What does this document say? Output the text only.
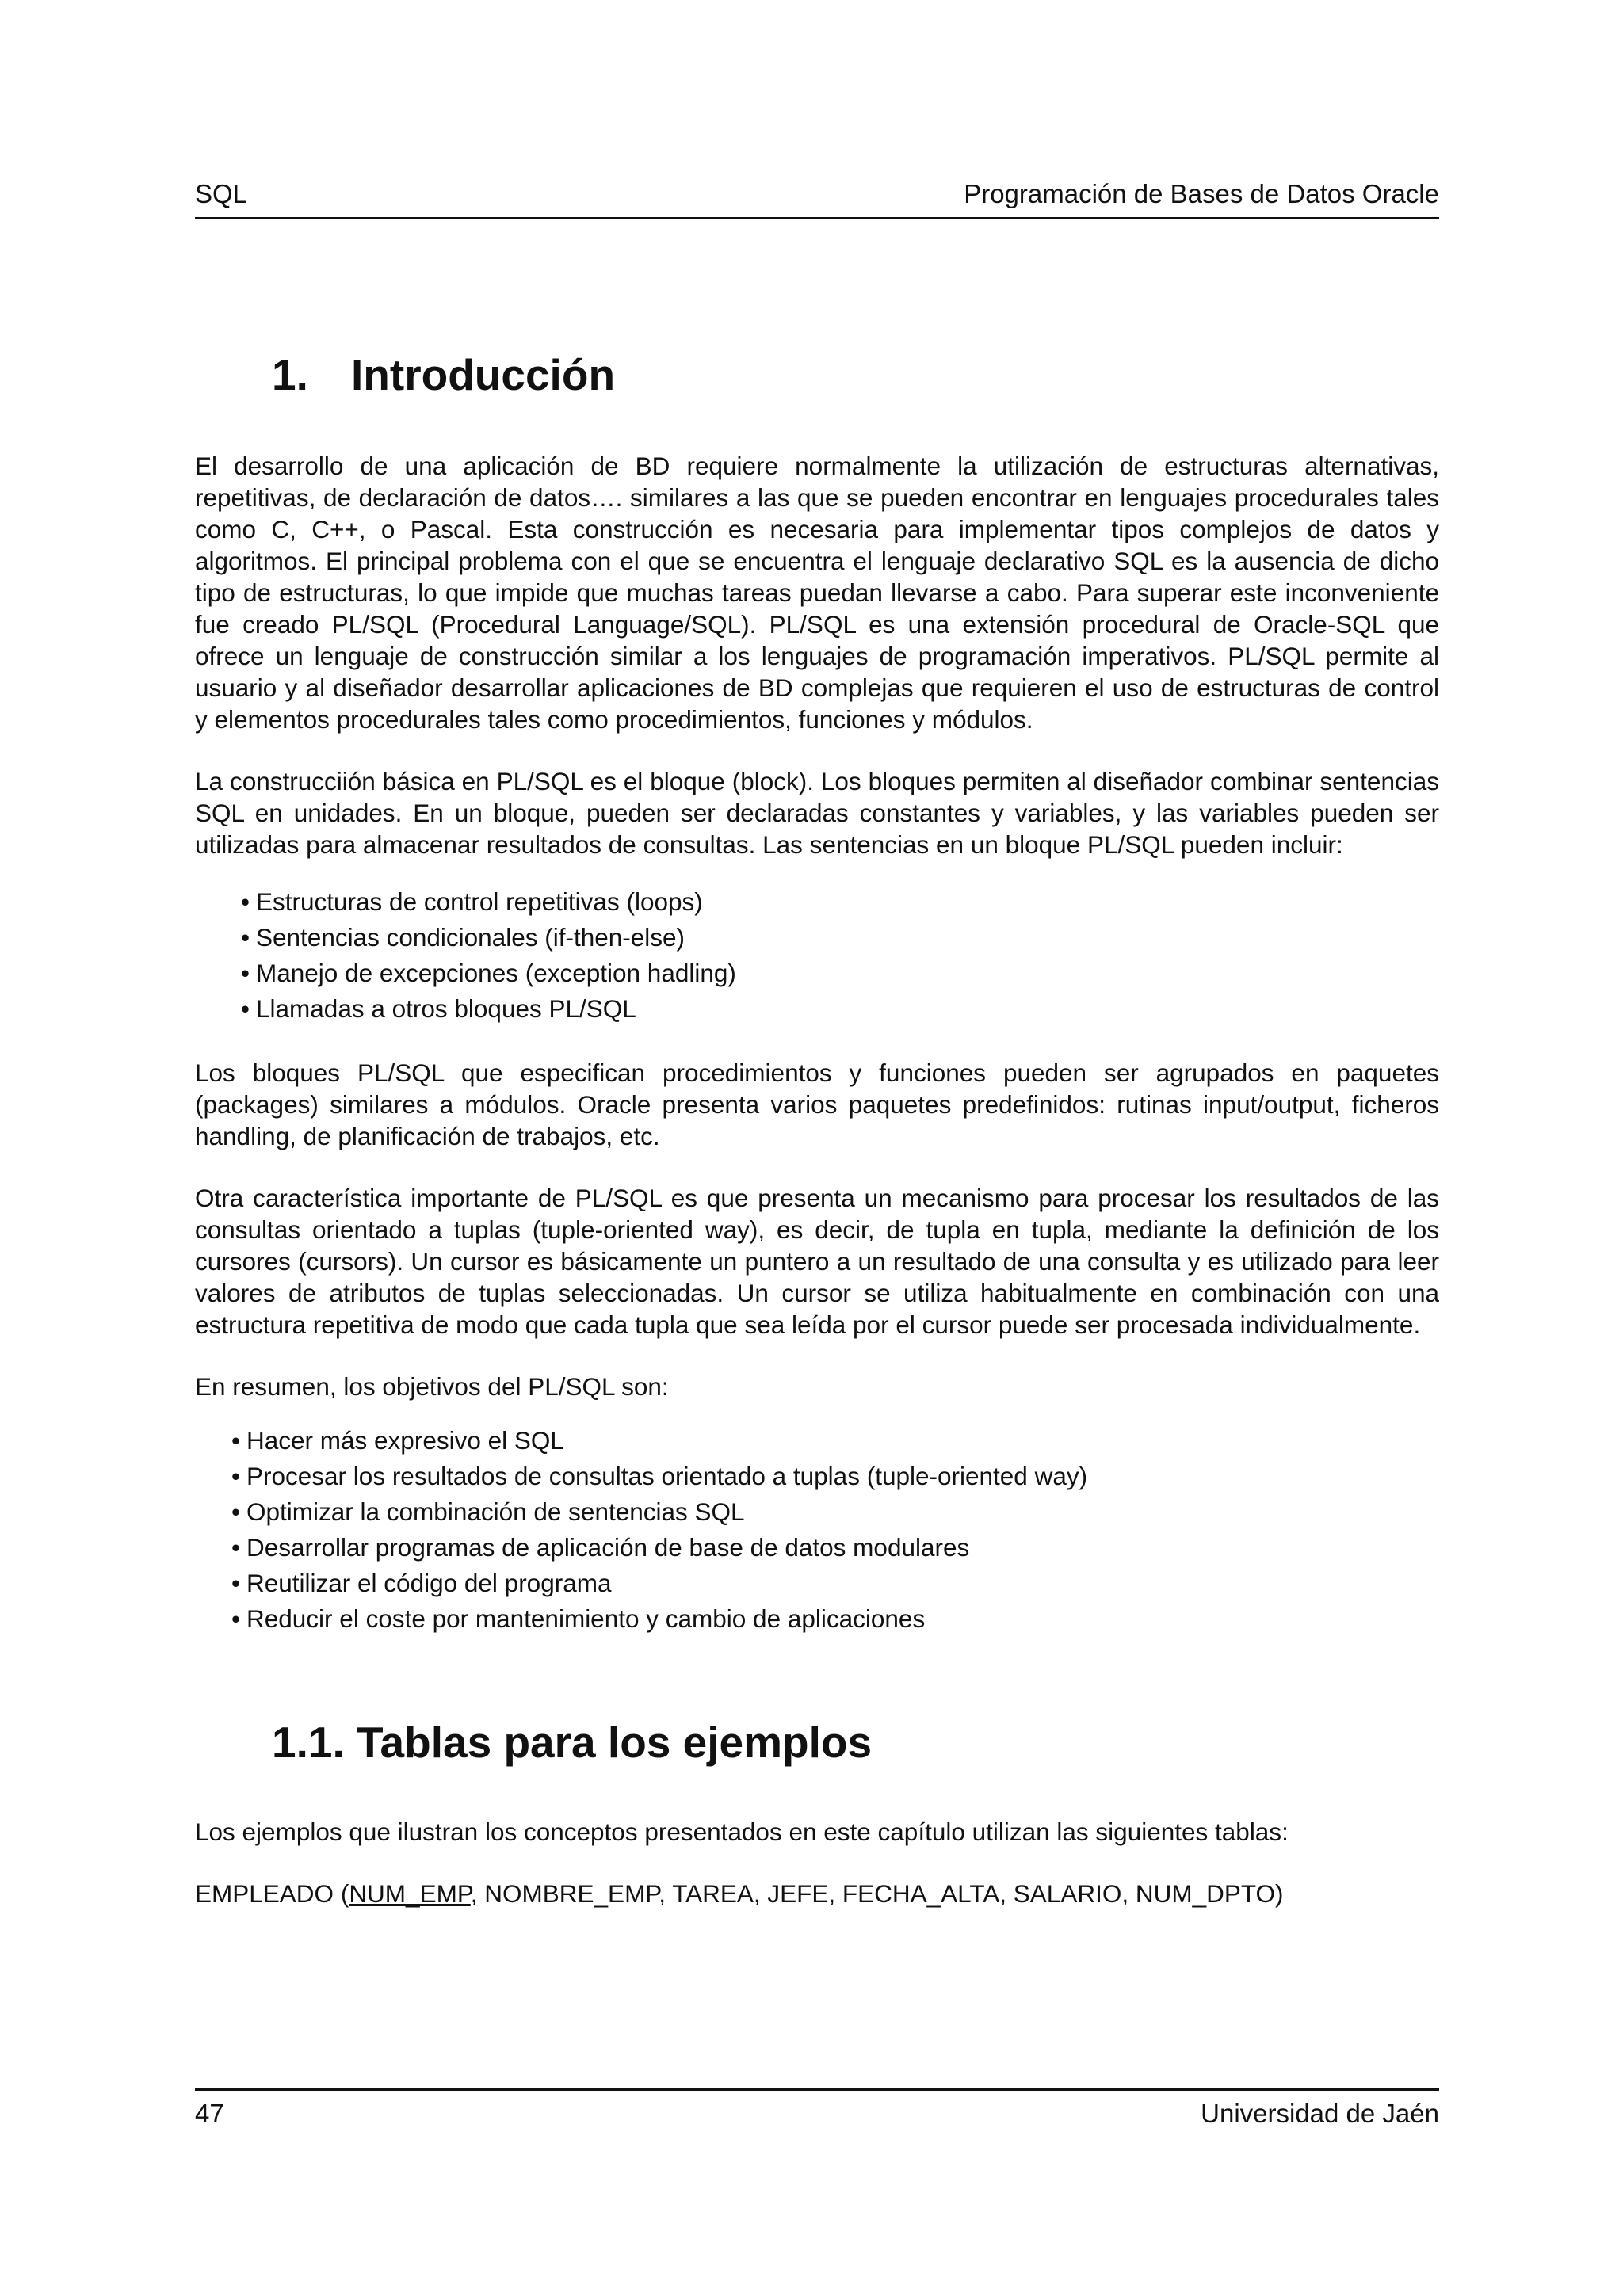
SQL	Programación de Bases de Datos Oracle
1. Introducción

El desarrollo de una aplicación de BD requiere normalmente la utilización de estructuras alternativas, repetitivas, de declaración de datos…. similares a las que se pueden encontrar en lenguajes procedurales tales como C, C++, o Pascal. Esta construcción es necesaria para implementar tipos complejos de datos y algoritmos. El principal problema con el que se encuentra el lenguaje declarativo SQL es la ausencia de dicho tipo de estructuras, lo que impide que muchas tareas puedan llevarse a cabo. Para superar este inconveniente fue creado PL/SQL (Procedural Language/SQL). PL/SQL es una extensión procedural de Oracle-SQL que ofrece un lenguaje de construcción similar a los lenguajes de programación imperativos. PL/SQL permite al usuario y al diseñador desarrollar aplicaciones de BD complejas que requieren el uso de estructuras de control y elementos procedurales tales como procedimientos, funciones y módulos.

La construcciión básica en PL/SQL es el bloque (block). Los bloques permiten al diseñador combinar sentencias SQL en unidades. En un bloque, pueden ser declaradas constantes y variables, y las variables pueden ser utilizadas para almacenar resultados de consultas. Las sentencias en un bloque PL/SQL pueden incluir:

• Estructuras de control repetitivas (loops)
• Sentencias condicionales (if-then-else)
• Manejo de excepciones (exception hadling)
• Llamadas a otros bloques PL/SQL

Los bloques PL/SQL que especifican procedimientos y funciones pueden ser agrupados en paquetes (packages) similares a módulos. Oracle presenta varios paquetes predefinidos: rutinas input/output, ficheros handling, de planificación de trabajos, etc.

Otra característica importante de PL/SQL es que presenta un mecanismo para procesar los resultados de las consultas orientado a tuplas (tuple-oriented way), es decir, de tupla en tupla, mediante la definición de los cursores (cursors). Un cursor es básicamente un puntero a un resultado de una consulta y es utilizado para leer valores de atributos de tuplas seleccionadas. Un cursor se utiliza habitualmente en combinación con una estructura repetitiva de modo que cada tupla que sea leída por el cursor puede ser procesada individualmente.

En resumen, los objetivos del PL/SQL son:

• Hacer más expresivo el SQL
• Procesar los resultados de consultas orientado a tuplas (tuple-oriented way)
• Optimizar la combinación de sentencias SQL
• Desarrollar programas de aplicación de base de datos modulares
• Reutilizar el código del programa
• Reducir el coste por mantenimiento y cambio de aplicaciones
1.1. Tablas para los ejemplos

Los ejemplos que ilustran los conceptos presentados en este capítulo utilizan las siguientes tablas:

EMPLEADO (NUM_EMP, NOMBRE_EMP, TAREA, JEFE, FECHA_ALTA, SALARIO, NUM_DPTO)

47	Universidad de Jaén
